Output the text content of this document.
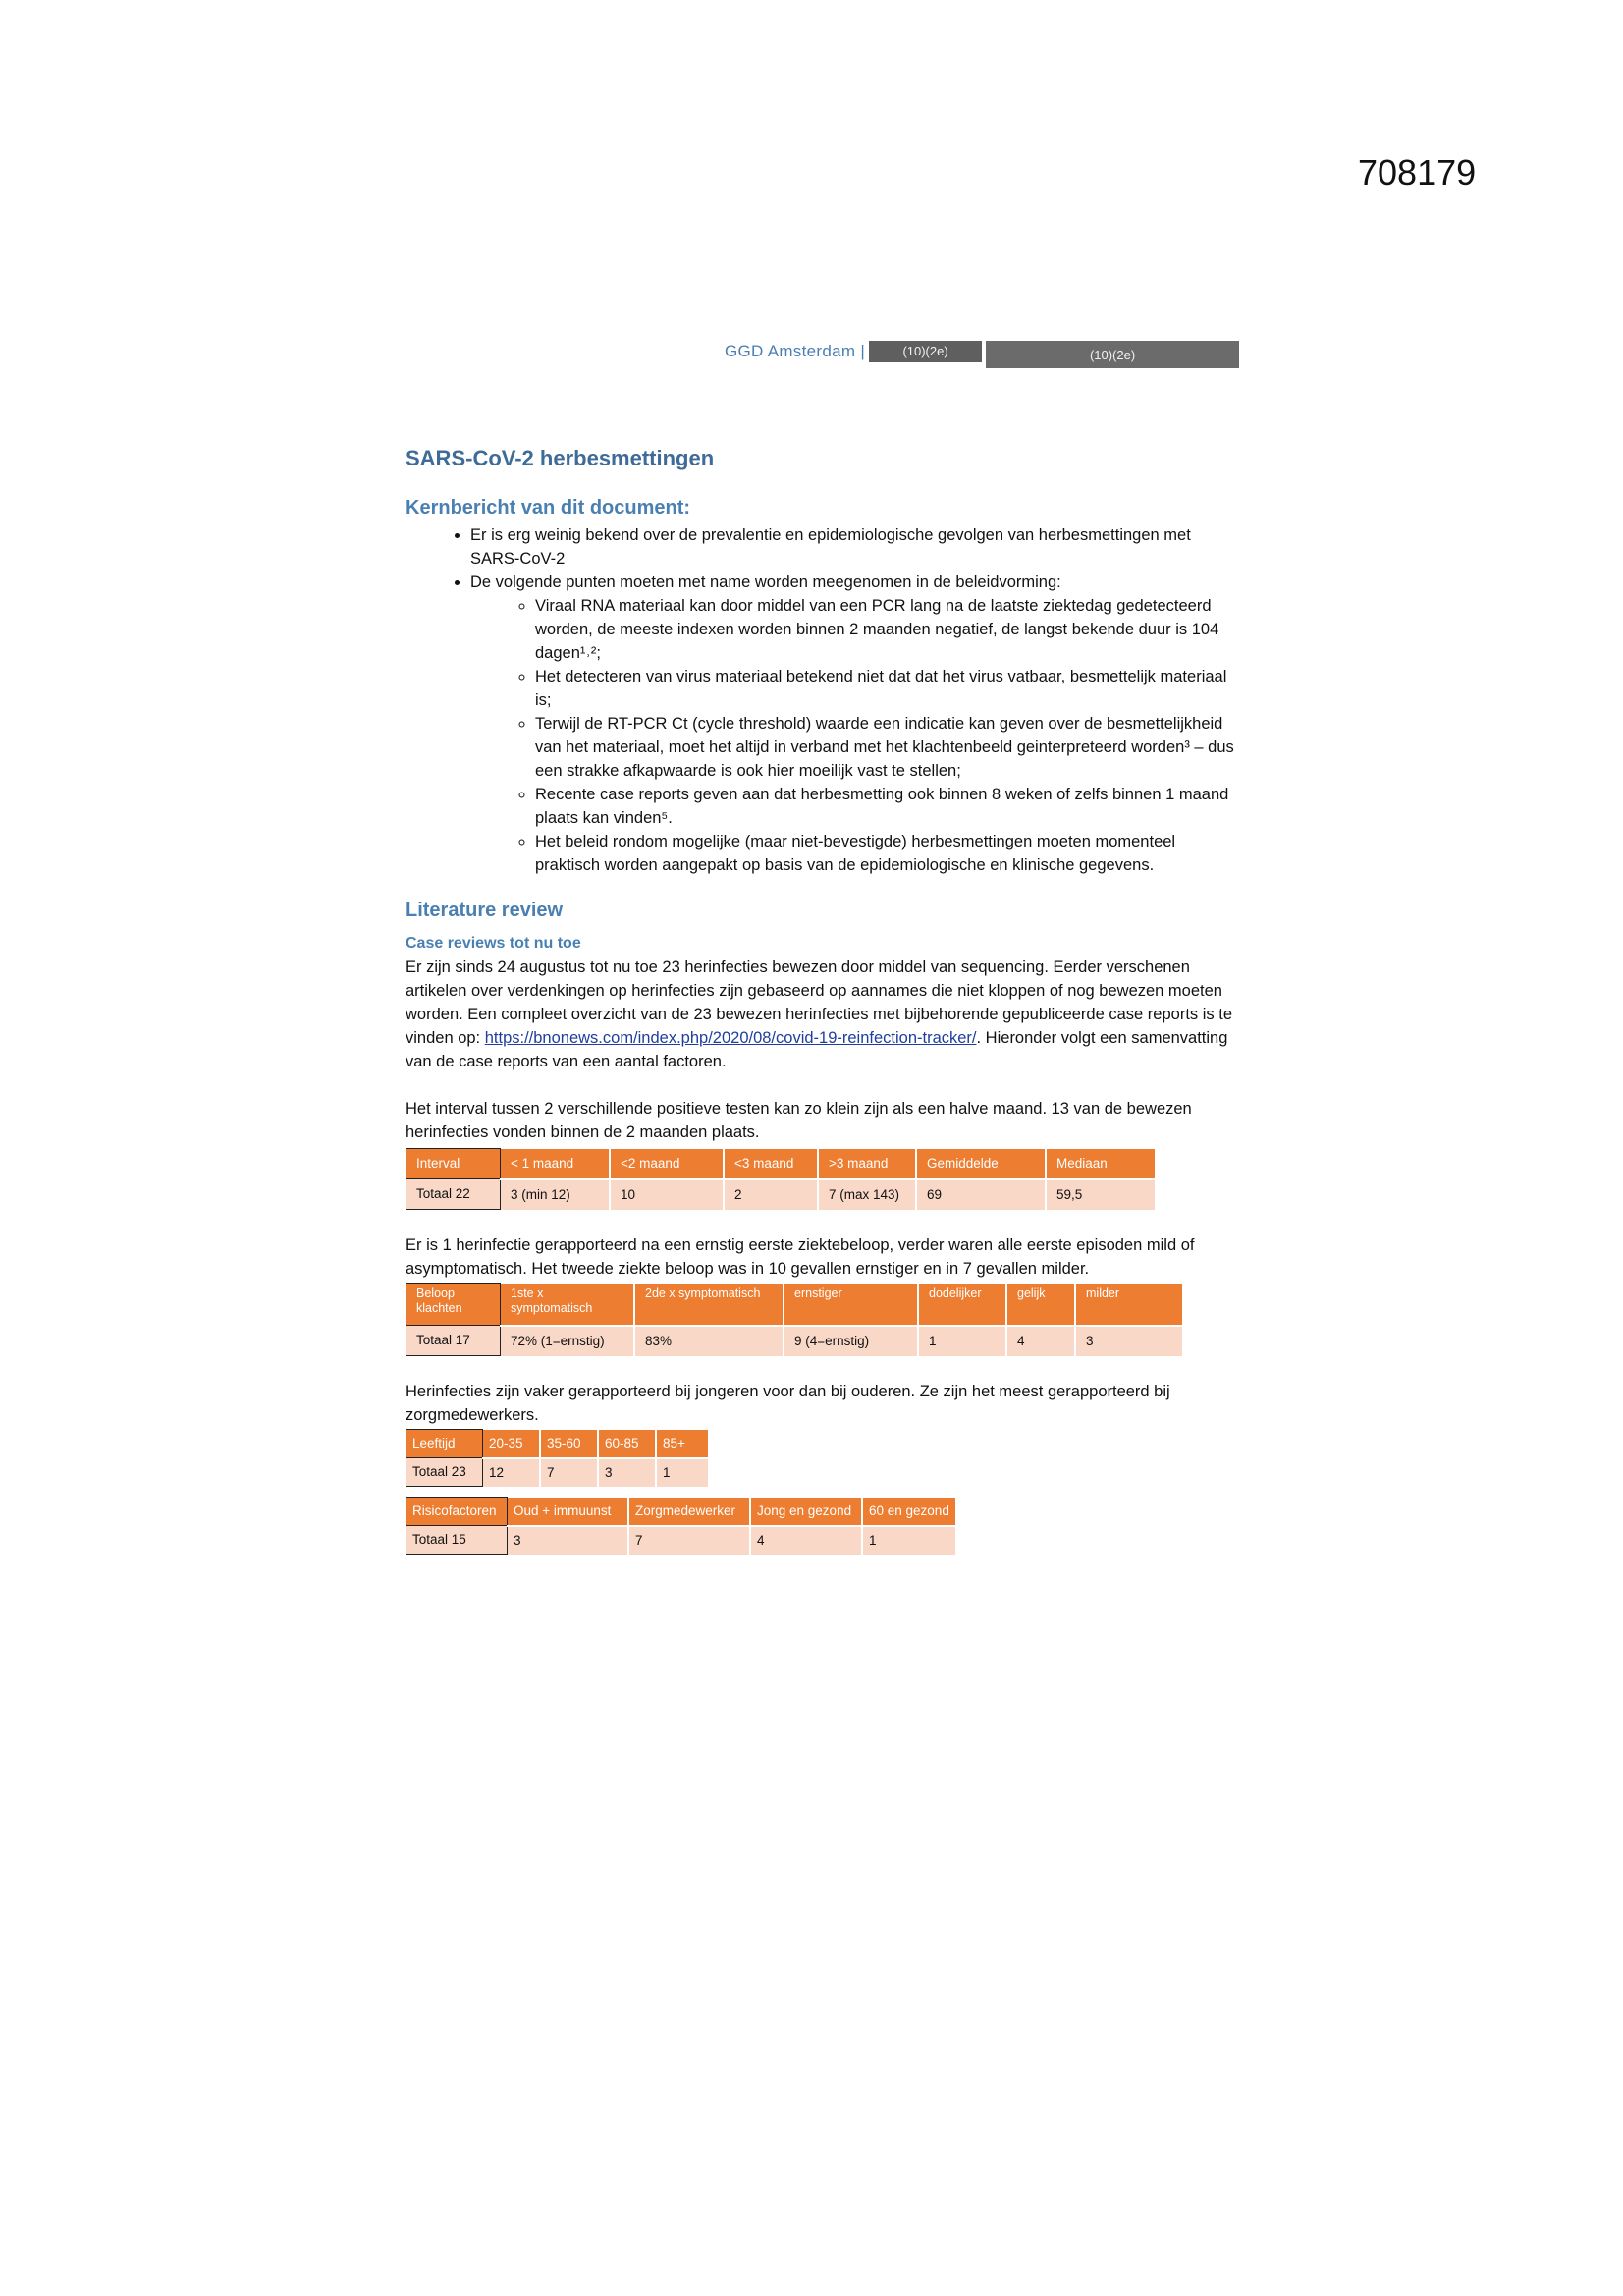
708179
GGD Amsterdam |	(10)(2e)	(10)(2e)
SARS-CoV-2 herbesmettingen
Kernbericht van dit document:
• Er is erg weinig bekend over de prevalentie en epidemiologische gevolgen van herbesmettingen met SARS-CoV-2
• De volgende punten moeten met name worden meegenomen in de beleidvorming:
◦ Viraal RNA materiaal kan door middel van een PCR lang na de laatste ziektedag gedetecteerd worden, de meeste indexen worden binnen 2 maanden negatief, de langst bekende duur is 104 dagen¹˒²;
◦ Het detecteren van virus materiaal betekend niet dat dat het virus vatbaar, besmettelijk materiaal is;
◦ Terwijl de RT-PCR Ct (cycle threshold) waarde een indicatie kan geven over de besmettelijkheid van het materiaal, moet het altijd in verband met het klachtenbeeld geinterpreteerd worden³ – dus een strakke afkapwaarde is ook hier moeilijk vast te stellen;
◦ Recente case reports geven aan dat herbesmetting ook binnen 8 weken of zelfs binnen 1 maand plaats kan vinden⁵.
◦ Het beleid rondom mogelijke (maar niet-bevestigde) herbesmettingen moeten momenteel praktisch worden aangepakt op basis van de epidemiologische en klinische gegevens.
Literature review
Case reviews tot nu toe

Er zijn sinds 24 augustus tot nu toe 23 herinfecties bewezen door middel van sequencing. Eerder verschenen artikelen over verdenkingen op herinfecties zijn gebaseerd op aannames die niet kloppen of nog bewezen moeten worden. Een compleet overzicht van de 23 bewezen herinfecties met bijbehorende gepubliceerde case reports is te vinden op: https://bnonews.com/index.php/2020/08/covid-19-reinfection-tracker/. Hieronder volgt een samenvatting van de case reports van een aantal factoren.

Het interval tussen 2 verschillende positieve testen kan zo klein zijn als een halve maand. 13 van de bewezen herinfecties vonden binnen de 2 maanden plaats.

Interval	< 1 maand	<2 maand	<3 maand	>3 maand	Gemiddelde	Mediaan
Totaal 22	3 (min 12)	10	2	7 (max 143)	69	59,5

Er is 1 herinfectie gerapporteerd na een ernstig eerste ziektebeloop, verder waren alle eerste episoden mild of asymptomatisch. Het tweede ziekte beloop was in 10 gevallen ernstiger en in 7 gevallen milder.

Beloop klachten	1ste x symptomatisch	2de x symptomatisch	ernstiger	dodelijker	gelijk	milder
Totaal 17	72% (1=ernstig)	83%	9 (4=ernstig)	1	4	3

Herinfecties zijn vaker gerapporteerd bij jongeren voor dan bij ouderen. Ze zijn het meest gerapporteerd bij zorgmedewerkers.

Leeftijd	20-35	35-60	60-85	85+
Totaal 23	12	7	3	1
Risicofactoren	Oud + immuunst	Zorgmedewerker	Jong en gezond	60 en gezond
Totaal 15	3	7	4	1
